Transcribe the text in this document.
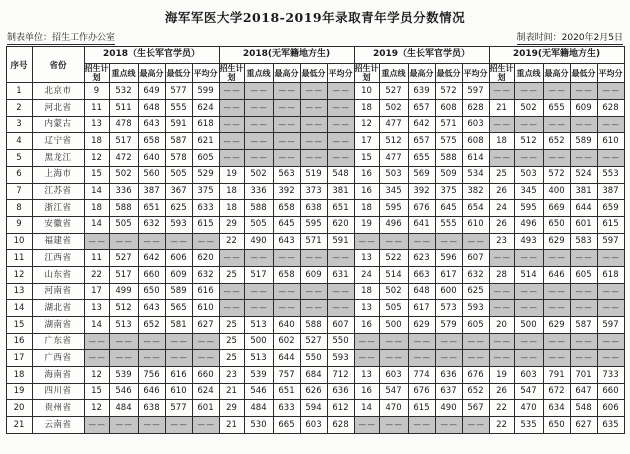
海军军医大学2018-2019年录取青年学员分数情况
制表单位：招生工作办公室	制表时间：2020年2月5日
序号	省份	2018（生长军官学员）					2018(无军籍地方生)					2019（生长军官学员）					2019(无军籍地方生)				
		招生计划	重点线	最高分	最低分	平均分	招生计划	重点线	最高分	最低分	平均分	招生计划	重点线	最高分	最低分	平均分	招生计划	重点线	最高分	最低分	平均分
1	北京市	9	532	649	577	599	— —	— —	— —	— —	— —	10	527	639	572	597	— —	— —	— —	— —	— —
2	河北省	11	511	648	555	624	— —	— —	— —	— —	— —	18	502	657	608	628	21	502	655	609	628
3	内蒙古	13	478	643	591	618	— —	— —	— —	— —	— —	12	477	642	571	603	— —	— —	— —	— —	— —
4	辽宁省	18	517	658	587	621	— —	— —	— —	— —	— —	17	512	657	575	608	18	512	652	589	610
5	黑龙江	12	472	640	578	605	— —	— —	— —	— —	— —	15	477	655	588	614	— —	— —	— —	— —	— —
6	上海市	15	502	560	505	529	19	502	563	519	548	16	503	569	509	534	25	503	572	524	553
7	江苏省	14	336	387	367	375	18	336	392	373	381	16	345	392	375	382	26	345	400	381	387
8	浙江省	18	588	651	625	633	18	588	658	638	651	18	595	676	645	654	24	595	669	644	659
9	安徽省	14	505	632	593	615	29	505	645	595	620	19	496	641	555	610	26	496	650	601	615
10	福建省	— —	— —	— —	— —	— —	22	490	643	571	591	— —	— —	— —	— —	— —	23	493	629	583	597
11	江西省	11	527	642	606	620	— —	— —	— —	— —	— —	13	522	623	596	607	— —	— —	— —	— —	— —
12	山东省	22	517	660	609	632	25	517	658	609	631	24	514	663	617	632	28	514	646	605	618
13	河南省	17	499	650	589	616	— —	— —	— —	— —	— —	18	502	648	600	625	— —	— —	— —	— —	— —
14	湖北省	13	512	643	565	610	— —	— —	— —	— —	— —	13	505	617	573	593	— —	— —	— —	— —	— —
15	湖南省	14	513	652	581	627	25	513	640	588	607	16	500	629	579	605	20	500	629	587	597
16	广东省	— —	— —	— —	— —	— —	25	500	602	527	550	— —	— —	— —	— —	— —	— —	— —	— —	— —	— —
17	广西省	— —	— —	— —	— —	— —	25	513	644	550	593	— —	— —	— —	— —	— —	— —	— —	— —	— —	— —
18	海南省	12	539	756	616	660	23	539	757	684	712	13	603	774	636	676	19	603	791	701	733
19	四川省	15	546	646	610	624	21	546	651	626	636	16	547	676	637	652	26	547	672	647	660
20	贵州省	12	484	638	577	601	29	484	633	594	612	14	470	615	490	567	22	470	634	548	606
21	云南省	— —	— —	— —	— —	— —	21	530	665	603	628	— —	— —	— —	— —	— —	22	535	650	627	635
